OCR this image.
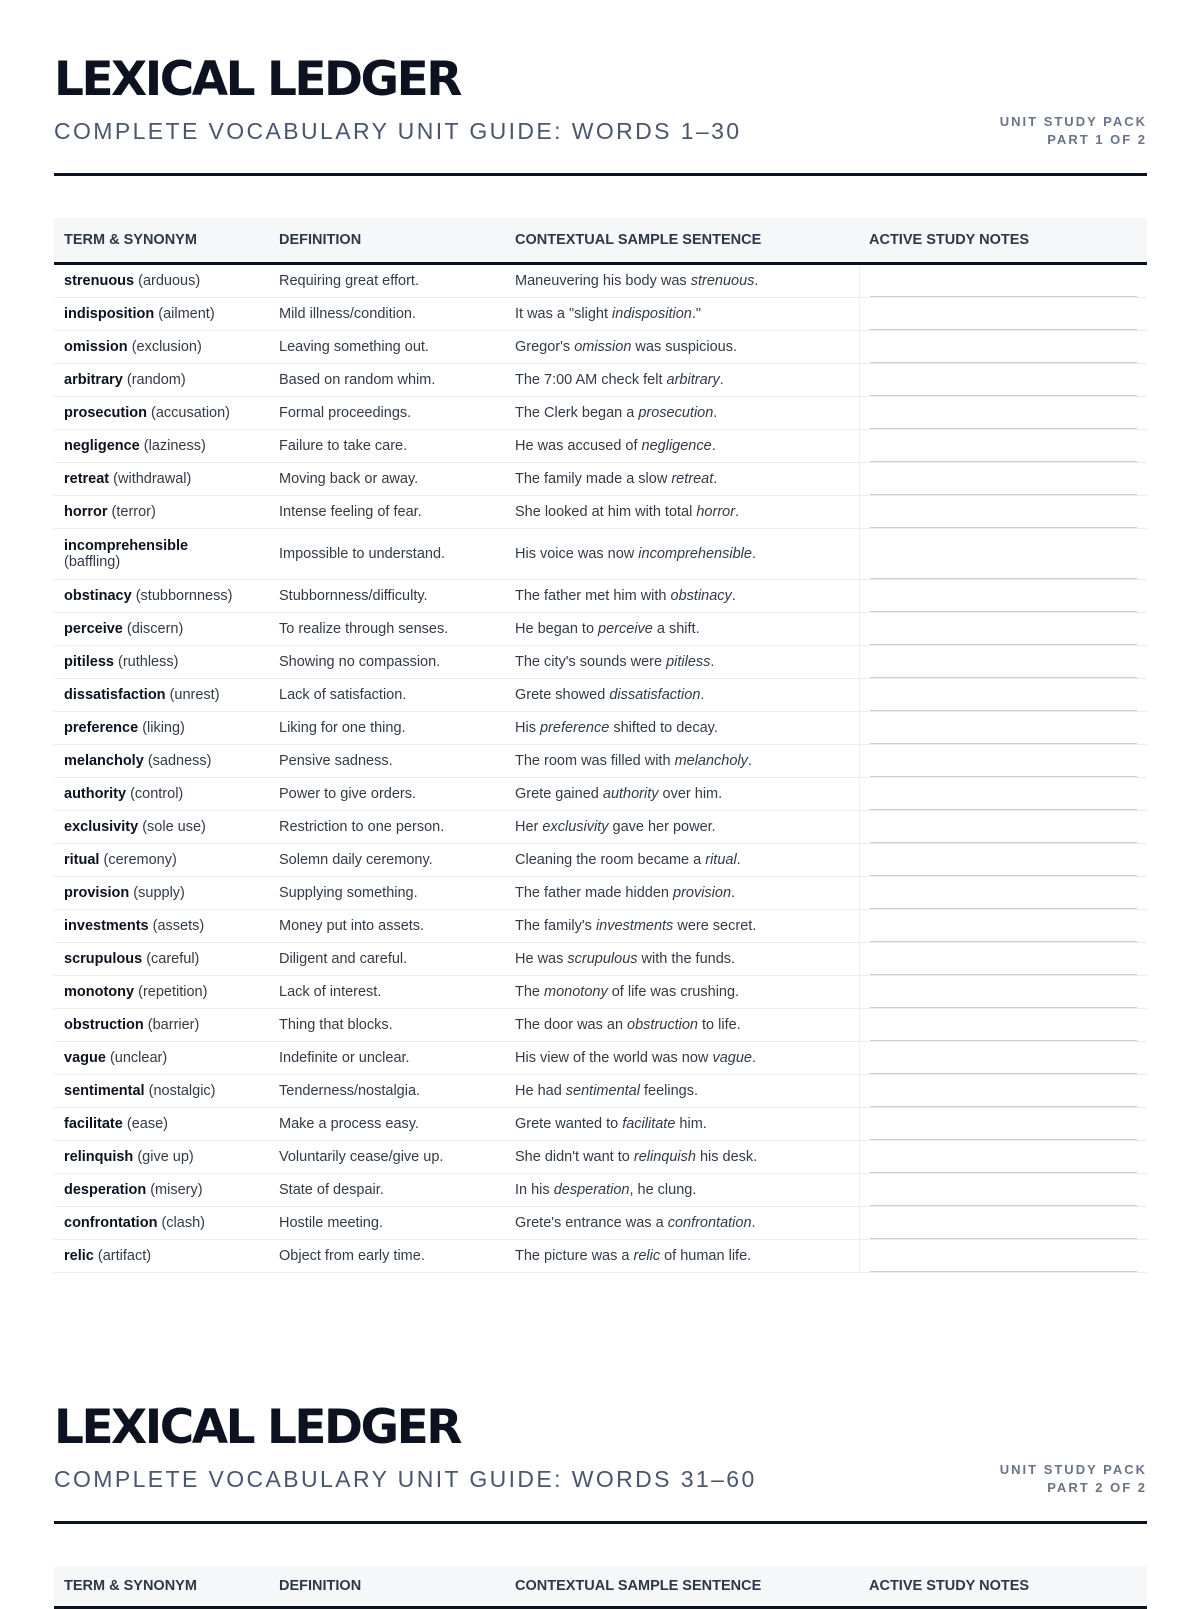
LEXICAL LEDGER
COMPLETE VOCABULARY UNIT GUIDE: WORDS 1–30	UNIT STUDY PACK
PART 1 OF 2
TERM & SYNONYM	DEFINITION	CONTEXTUAL SAMPLE SENTENCE	ACTIVE STUDY NOTES
strenuous (arduous)	Requiring great effort.	Maneuvering his body was strenuous.	

indisposition (ailment)	Mild illness/condition.	It was a "slight indisposition."	

omission (exclusion)	Leaving something out.	Gregor's omission was suspicious.	

arbitrary (random)	Based on random whim.	The 7:00 AM check felt arbitrary.	

prosecution (accusation)	Formal proceedings.	The Clerk began a prosecution.	

negligence (laziness)	Failure to take care.	He was accused of negligence.	

retreat (withdrawal)	Moving back or away.	The family made a slow retreat.	

horror (terror)	Intense feeling of fear.	She looked at him with total horror.	

incomprehensible
(baffling)	Impossible to understand.	His voice was now incomprehensible.	

obstinacy (stubbornness)	Stubbornness/difficulty.	The father met him with obstinacy.	

perceive (discern)	To realize through senses.	He began to perceive a shift.	

pitiless (ruthless)	Showing no compassion.	The city's sounds were pitiless.	

dissatisfaction (unrest)	Lack of satisfaction.	Grete showed dissatisfaction.	

preference (liking)	Liking for one thing.	His preference shifted to decay.	

melancholy (sadness)	Pensive sadness.	The room was filled with melancholy.	

authority (control)	Power to give orders.	Grete gained authority over him.	

exclusivity (sole use)	Restriction to one person.	Her exclusivity gave her power.	

ritual (ceremony)	Solemn daily ceremony.	Cleaning the room became a ritual.	

provision (supply)	Supplying something.	The father made hidden provision.	

investments (assets)	Money put into assets.	The family's investments were secret.	

scrupulous (careful)	Diligent and careful.	He was scrupulous with the funds.	

monotony (repetition)	Lack of interest.	The monotony of life was crushing.	

obstruction (barrier)	Thing that blocks.	The door was an obstruction to life.	

vague (unclear)	Indefinite or unclear.	His view of the world was now vague.	

sentimental (nostalgic)	Tenderness/nostalgia.	He had sentimental feelings.	

facilitate (ease)	Make a process easy.	Grete wanted to facilitate him.	

relinquish (give up)	Voluntarily cease/give up.	She didn't want to relinquish his desk.	

desperation (misery)	State of despair.	In his desperation, he clung.	

confrontation (clash)	Hostile meeting.	Grete's entrance was a confrontation.	

relic (artifact)	Object from early time.	The picture was a relic of human life.	
LEXICAL LEDGER
COMPLETE VOCABULARY UNIT GUIDE: WORDS 31–60	UNIT STUDY PACK
PART 2 OF 2
TERM & SYNONYM	DEFINITION	CONTEXTUAL SAMPLE SENTENCE	ACTIVE STUDY NOTES
